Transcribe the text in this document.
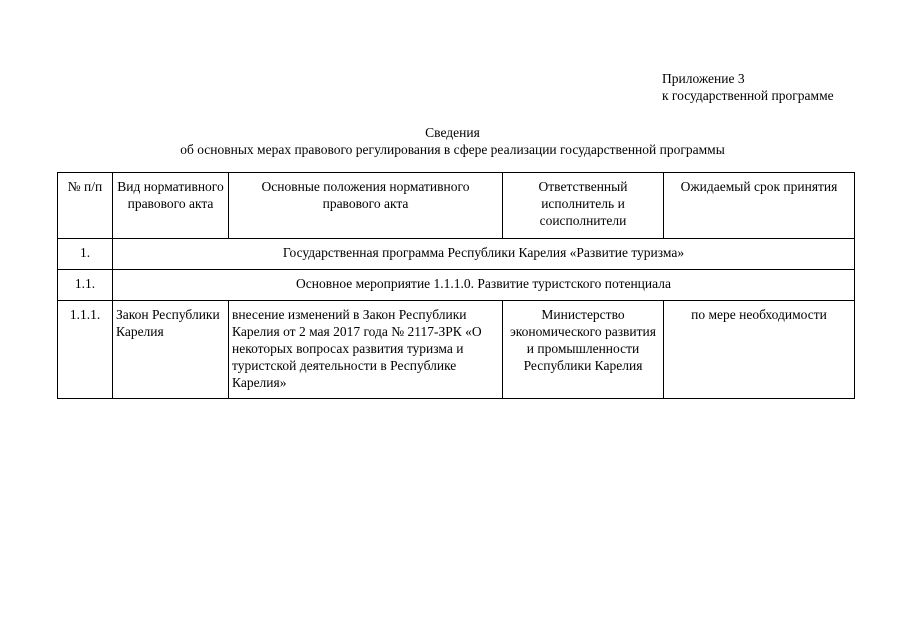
Приложение 3
к государственной программе
Сведения
об основных мерах правового регулирования в сфере реализации государственной программы
№ п/п	Вид нормативного правового акта	Основные положения нормативного правового акта	Ответственный исполнитель и соисполнители	Ожидаемый срок принятия
1.	Государственная программа Республики Карелия «Развитие туризма»			
1.1.	Основное мероприятие 1.1.1.0. Развитие туристского потенциала			
1.1.1.	Закон Республики Карелия	внесение изменений в Закон Республики Карелия от 2 мая 2017 года № 2117-ЗРК «О некоторых вопросах развития туризма и туристской деятельности в Республике Карелия»	Министерство экономического развития и промышленности Республики Карелия	по мере необходимости
